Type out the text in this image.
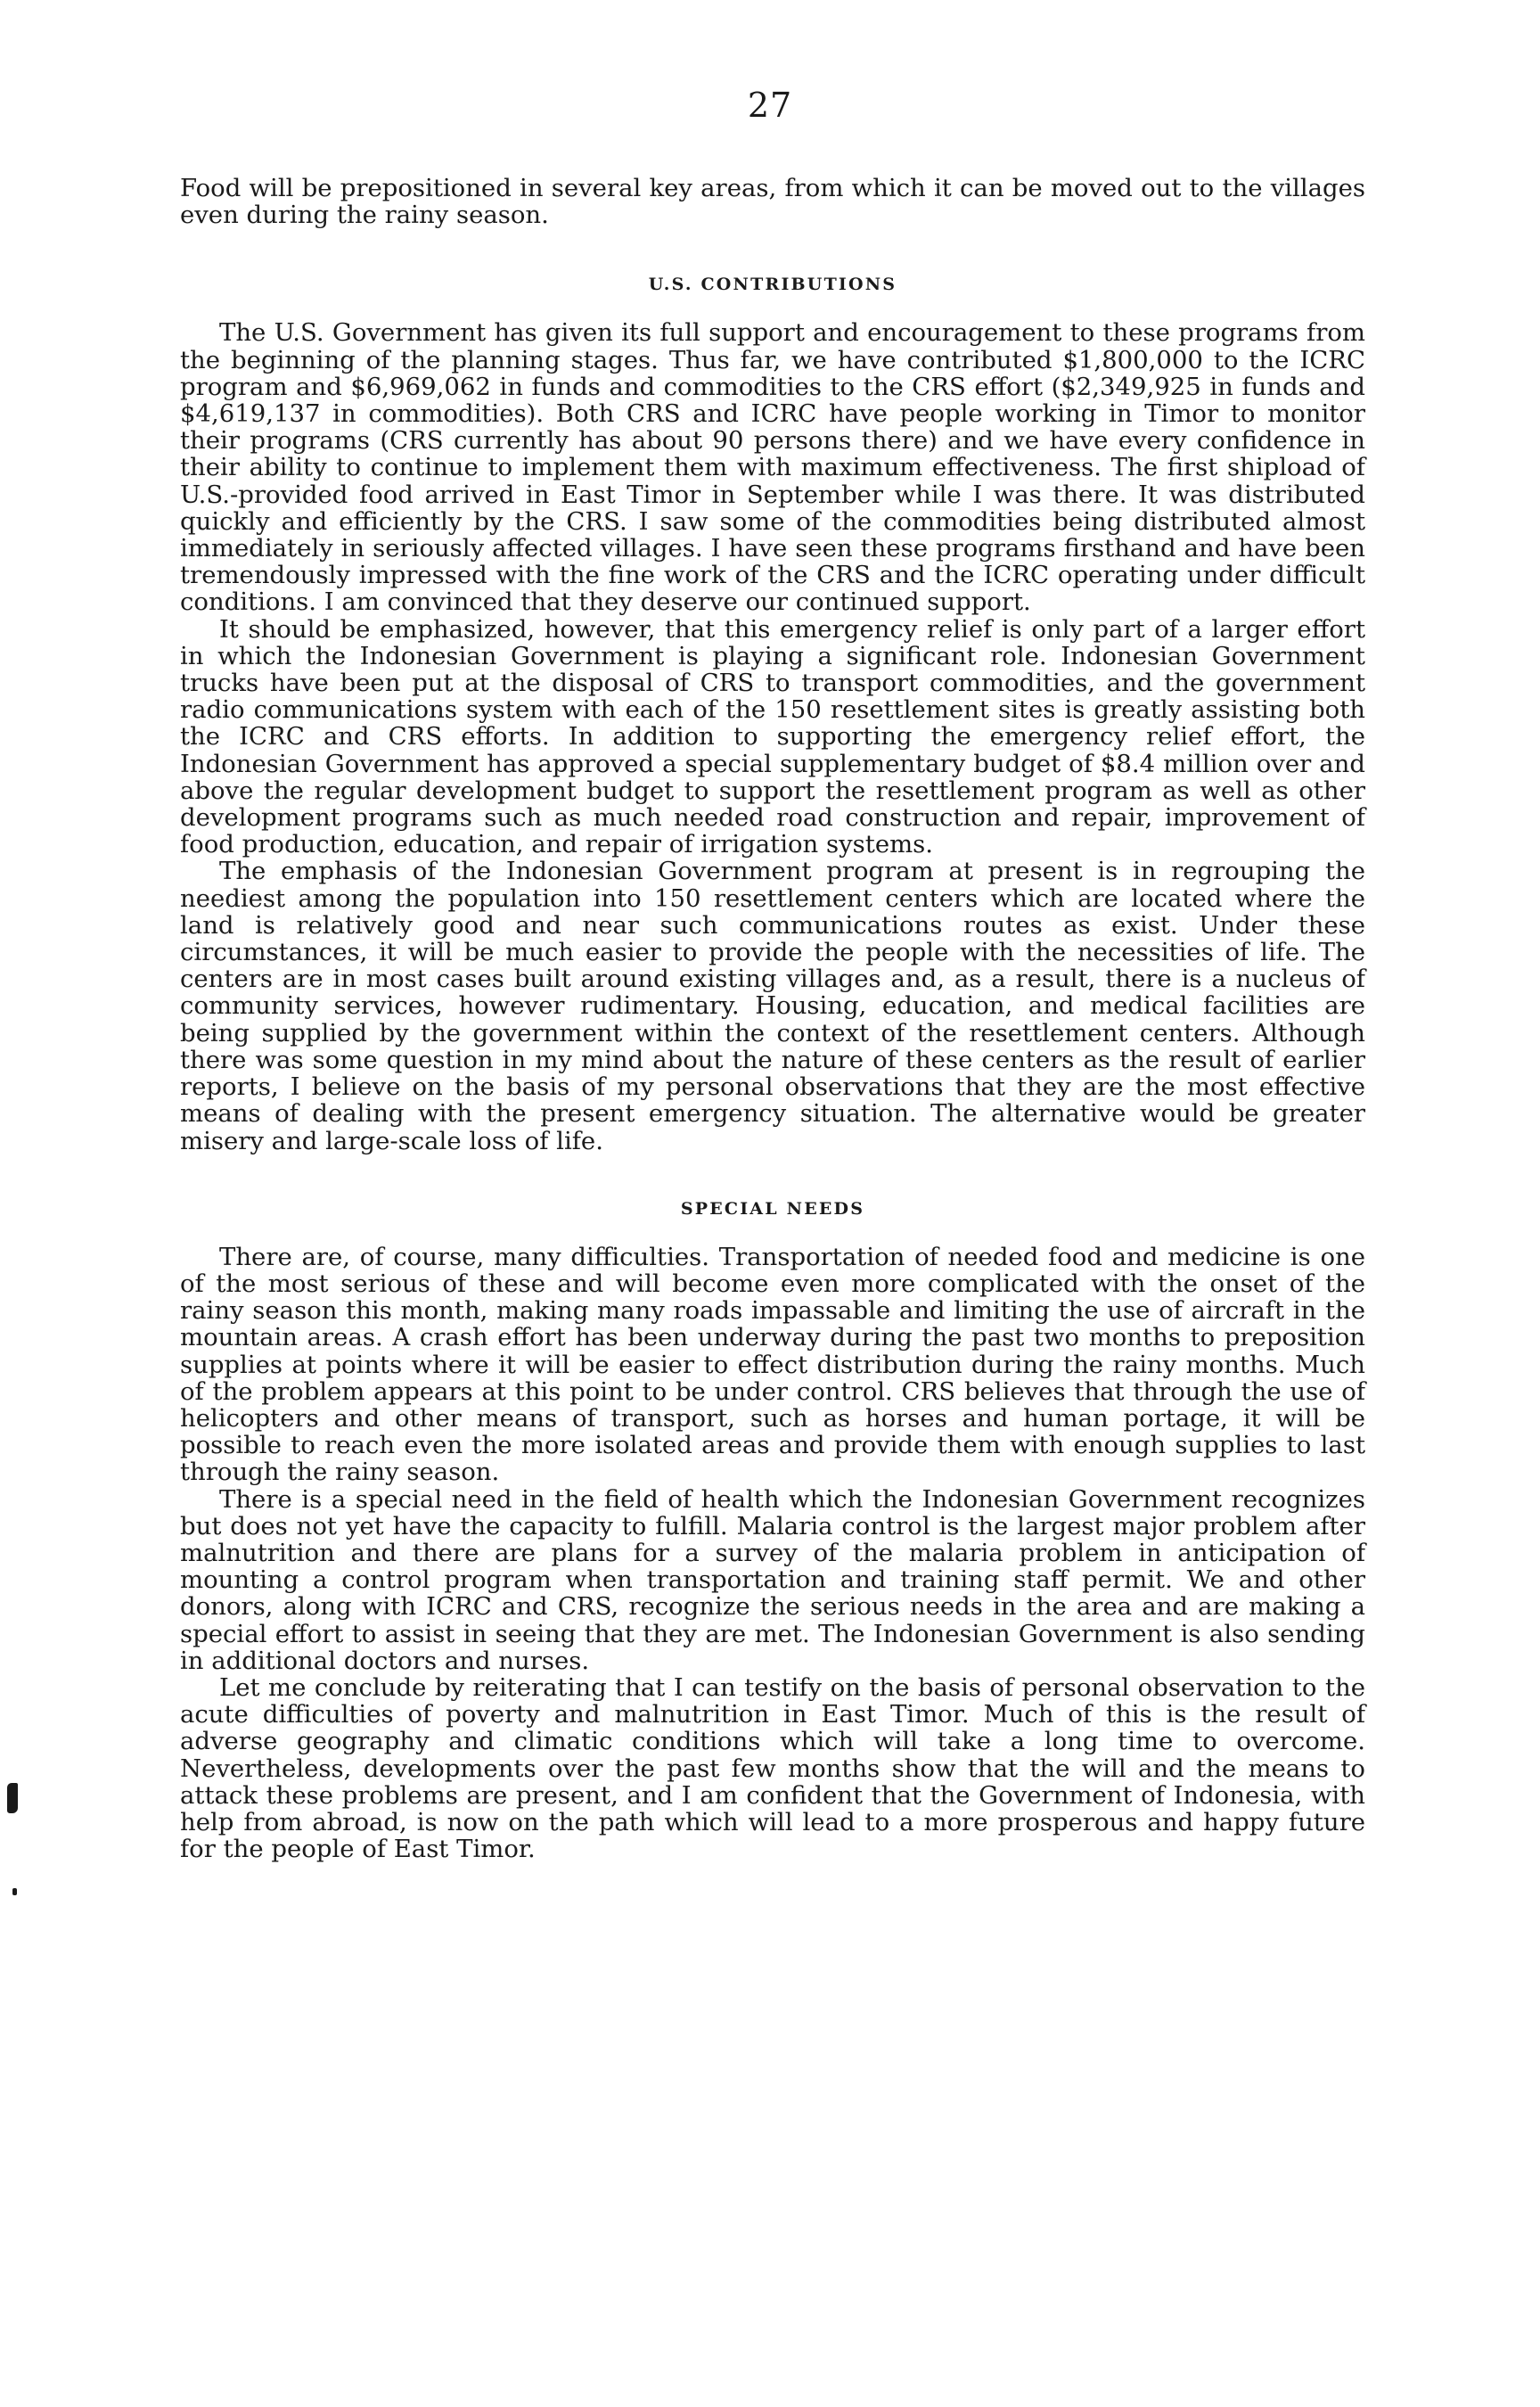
27

Food will be prepositioned in several key areas, from which it can be moved out to the villages even during the rainy season.

U.S. CONTRIBUTIONS

The U.S. Government has given its full support and encouragement to these programs from the beginning of the planning stages. Thus far, we have contributed $1,800,000 to the ICRC program and $6,969,062 in funds and commodities to the CRS effort ($2,349,925 in funds and $4,619,137 in commodities). Both CRS and ICRC have people working in Timor to monitor their programs (CRS currently has about 90 persons there) and we have every confidence in their ability to continue to implement them with maximum effectiveness. The first shipload of U.S.-provided food arrived in East Timor in September while I was there. It was distributed quickly and efficiently by the CRS. I saw some of the commodities being distributed almost immediately in seriously affected villages. I have seen these programs firsthand and have been tremendously impressed with the fine work of the CRS and the ICRC operating under difficult conditions. I am convinced that they deserve our continued support.

It should be emphasized, however, that this emergency relief is only part of a larger effort in which the Indonesian Government is playing a significant role. Indonesian Government trucks have been put at the disposal of CRS to transport commodities, and the government radio communications system with each of the 150 resettlement sites is greatly assisting both the ICRC and CRS efforts. In addition to supporting the emergency relief effort, the Indonesian Government has approved a special supplementary budget of $8.4 million over and above the regular development budget to support the resettlement program as well as other development programs such as much needed road construction and repair, improvement of food production, education, and repair of irrigation systems.

The emphasis of the Indonesian Government program at present is in regrouping the neediest among the population into 150 resettlement centers which are located where the land is relatively good and near such communications routes as exist. Under these circumstances, it will be much easier to provide the people with the necessities of life. The centers are in most cases built around existing villages and, as a result, there is a nucleus of community services, however rudimentary. Housing, education, and medical facilities are being supplied by the government within the context of the resettlement centers. Although there was some question in my mind about the nature of these centers as the result of earlier reports, I believe on the basis of my personal observations that they are the most effective means of dealing with the present emergency situation. The alternative would be greater misery and large-scale loss of life.

SPECIAL NEEDS

There are, of course, many difficulties. Transportation of needed food and medicine is one of the most serious of these and will become even more complicated with the onset of the rainy season this month, making many roads impassable and limiting the use of aircraft in the mountain areas. A crash effort has been underway during the past two months to preposition supplies at points where it will be easier to effect distribution during the rainy months. Much of the problem appears at this point to be under control. CRS believes that through the use of helicopters and other means of transport, such as horses and human portage, it will be possible to reach even the more isolated areas and provide them with enough supplies to last through the rainy season.

There is a special need in the field of health which the Indonesian Government recognizes but does not yet have the capacity to fulfill. Malaria control is the largest major problem after malnutrition and there are plans for a survey of the malaria problem in anticipation of mounting a control program when transportation and training staff permit. We and other donors, along with ICRC and CRS, recognize the serious needs in the area and are making a special effort to assist in seeing that they are met. The Indonesian Government is also sending in additional doctors and nurses.

Let me conclude by reiterating that I can testify on the basis of personal observation to the acute difficulties of poverty and malnutrition in East Timor. Much of this is the result of adverse geography and climatic conditions which will take a long time to overcome. Nevertheless, developments over the past few months show that the will and the means to attack these problems are present, and I am confident that the Government of Indonesia, with help from abroad, is now on the path which will lead to a more prosperous and happy future for the people of East Timor.
